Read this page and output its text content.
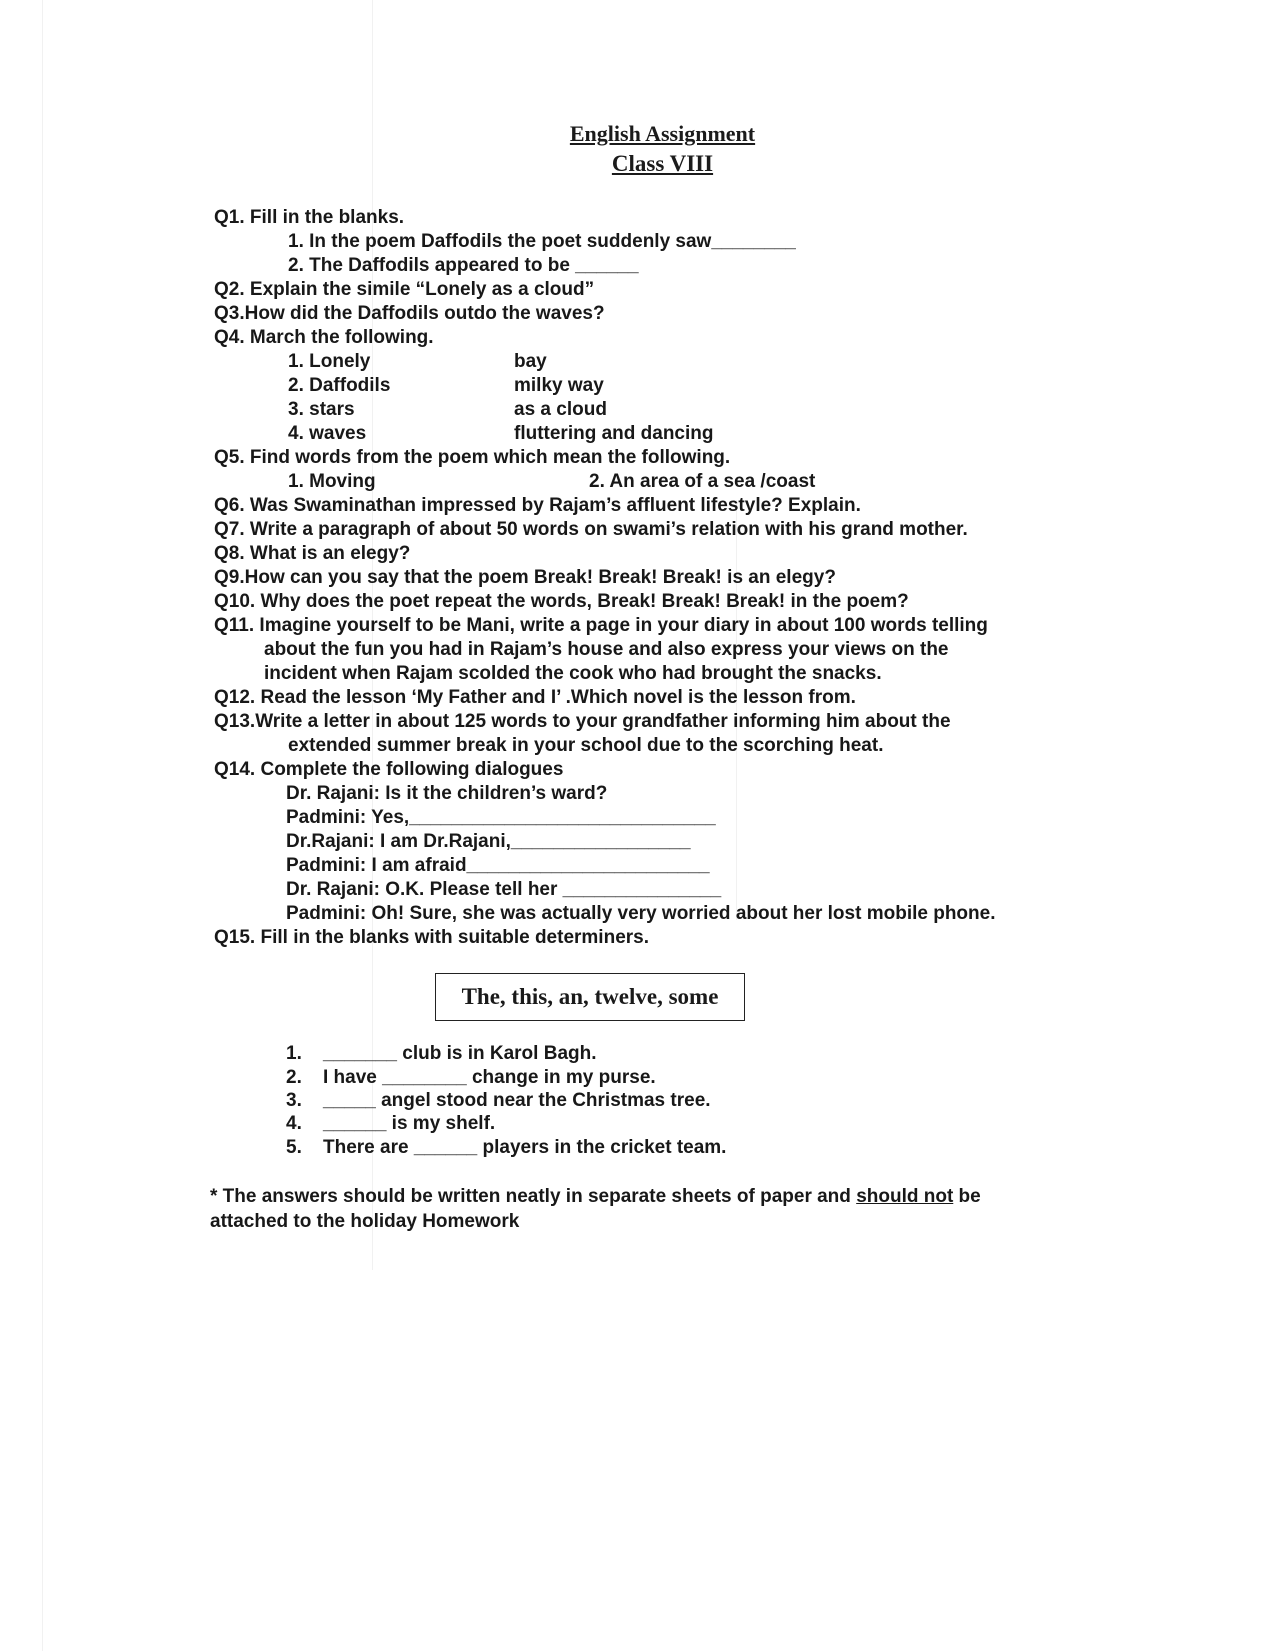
English Assignment
Class VIII
Q1. Fill in the blanks.
1. In the poem Daffodils the poet suddenly saw________
2. The Daffodils appeared to be ______
Q2. Explain the simile “Lonely as a cloud”
Q3.How did the Daffodils outdo the waves?
Q4. March the following.
1. Lonely	bay
2. Daffodils	milky way
3. stars	as a cloud
4. waves	fluttering and dancing
Q5. Find words from the poem which mean the following.
1. Moving	2. An area of a sea /coast
Q6. Was Swaminathan impressed by Rajam’s affluent lifestyle? Explain.
Q7. Write a paragraph of about 50 words on swami’s relation with his grand mother.
Q8. What is an elegy?
Q9.How can you say that the poem Break! Break! Break! is an elegy?
Q10. Why does the poet repeat the words, Break! Break! Break! in the poem?
Q11. Imagine yourself to be Mani, write a page in your diary in about 100 words telling
about the fun you had in Rajam’s house and also express your views on the
incident when Rajam scolded the cook who had brought the snacks.
Q12. Read the lesson ‘My Father and I’ .Which novel is the lesson from.
Q13.Write a letter in about 125 words to your grandfather informing him about the
extended summer break in your school due to the scorching heat.
Q14. Complete the following dialogues
Dr. Rajani: Is it the children’s ward?
Padmini: Yes,_____________________________
Dr.Rajani: I am Dr.Rajani,_________________
Padmini: I am afraid_______________________
Dr. Rajani: O.K. Please tell her _______________
Padmini: Oh! Sure, she was actually very worried about her lost mobile phone.
Q15. Fill in the blanks with suitable determiners.
The, this, an, twelve, some
1. _______ club is in Karol Bagh.
2. I have ________ change in my purse.
3. _____ angel stood near the Christmas tree.
4. ______ is my shelf.
5. There are ______ players in the cricket team.
* The answers should be written neatly in separate sheets of paper and should not be
attached to the holiday Homework
